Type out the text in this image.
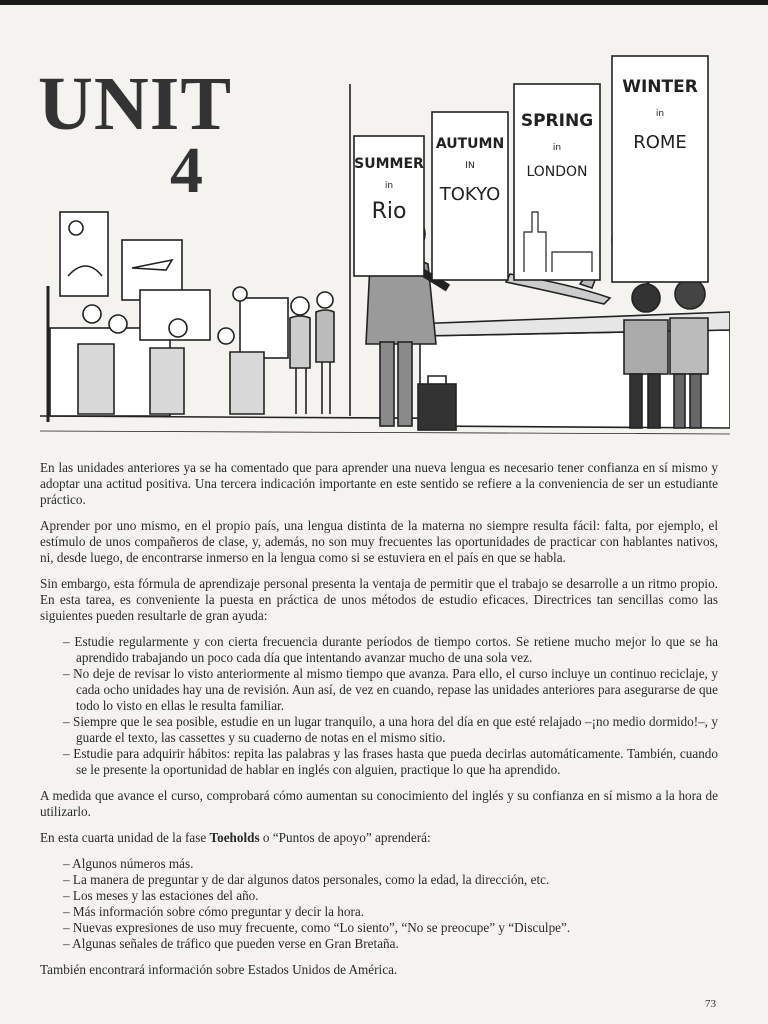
SUMMER
in
Rio
AUTUMN
IN
TOKYO
SPRING
in
LONDON
WINTER
in
ROME
UNIT
4

En las unidades anteriores ya se ha comentado que para aprender una nueva lengua es necesario tener confianza en sí mismo y adoptar una actitud positiva. Una tercera indicación importante en este sentido se refiere a la conveniencia de ser un estudiante práctico.

Aprender por uno mismo, en el propio país, una lengua distinta de la materna no siempre resulta fácil: falta, por ejemplo, el estímulo de unos compañeros de clase, y, además, no son muy frecuentes las oportunidades de practicar con hablantes nativos, ni, desde luego, de encontrarse inmerso en la lengua como si se estuviera en el país en que se habla.

Sin embargo, esta fórmula de aprendizaje personal presenta la ventaja de permitir que el trabajo se desarrolle a un ritmo propio. En esta tarea, es conveniente la puesta en práctica de unos métodos de estudio eficaces. Directrices tan sencillas como las siguientes pueden resultarle de gran ayuda:

– Estudie regularmente y con cierta frecuencia durante períodos de tiempo cortos. Se retiene mucho mejor lo que se ha aprendido trabajando un poco cada día que intentando avanzar mucho de una sola vez.
– No deje de revisar lo visto anteriormente al mismo tiempo que avanza. Para ello, el curso incluye un continuo reciclaje, y cada ocho unidades hay una de revisión. Aun así, de vez en cuando, repase las unidades anteriores para asegurarse de que todo lo visto en ellas le resulta familiar.
– Siempre que le sea posible, estudie en un lugar tranquilo, a una hora del día en que esté relajado –¡no medio dormido!–, y guarde el texto, las cassettes y su cuaderno de notas en el mismo sitio.
– Estudie para adquirir hábitos: repita las palabras y las frases hasta que pueda decirlas automáticamente. También, cuando se le presente la oportunidad de hablar en inglés con alguien, practique lo que ha aprendido.

A medida que avance el curso, comprobará cómo aumentan su conocimiento del inglés y su confianza en sí mismo a la hora de utilizarlo.

En esta cuarta unidad de la fase Toeholds o “Puntos de apoyo” aprenderá:

– Algunos números más.
– La manera de preguntar y de dar algunos datos personales, como la edad, la dirección, etc.
– Los meses y las estaciones del año.
– Más información sobre cómo preguntar y decir la hora.
– Nuevas expresiones de uso muy frecuente, como “Lo siento”, “No se preocupe” y “Disculpe”.
– Algunas señales de tráfico que pueden verse en Gran Bretaña.

También encontrará información sobre Estados Unidos de América.

73
